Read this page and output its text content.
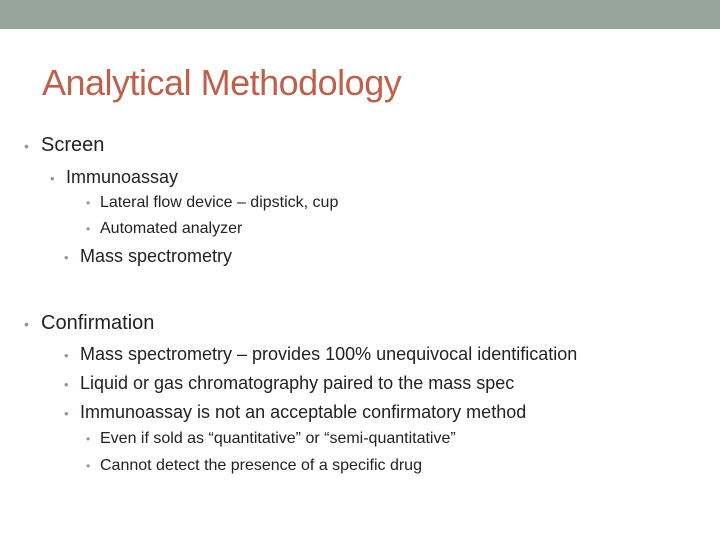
Analytical Methodology
• Screen
• Immunoassay
• Lateral flow device – dipstick, cup
• Automated analyzer
• Mass spectrometry
• Confirmation
• Mass spectrometry – provides 100% unequivocal identification
• Liquid or gas chromatography paired to the mass spec
• Immunoassay is not an acceptable confirmatory method
• Even if sold as “quantitative” or “semi-quantitative”
• Cannot detect the presence of a specific drug
